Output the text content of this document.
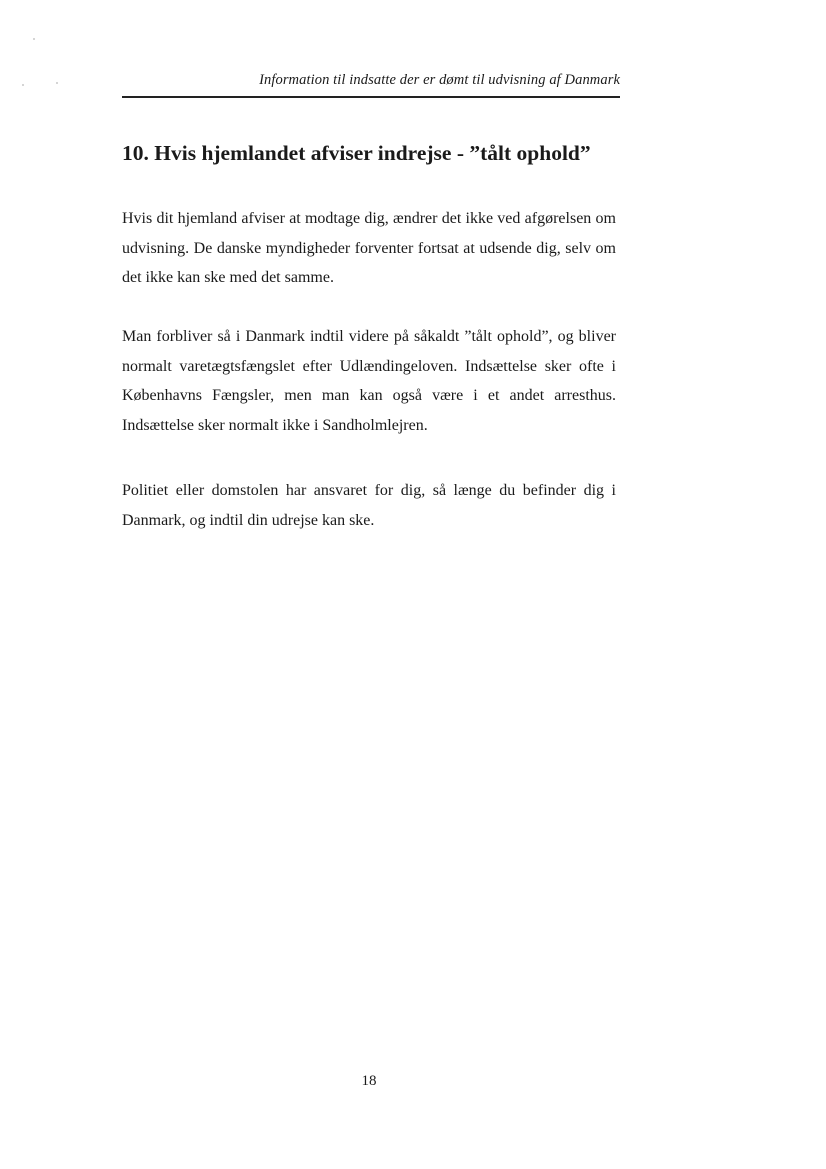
Information til indsatte der er dømt til udvisning af Danmark
10. Hvis hjemlandet afviser indrejse - ”tålt ophold”

Hvis dit hjemland afviser at modtage dig, ændrer det ikke ved afgørelsen om udvisning. De danske myndigheder forventer fortsat at udsende dig, selv om det ikke kan ske med det samme.

Man forbliver så i Danmark indtil videre på såkaldt ”tålt ophold”, og bliver normalt varetægtsfængslet efter Udlændingeloven. Indsættelse sker ofte i Københavns Fængsler, men man kan også være i et andet arresthus. Indsættelse sker normalt ikke i Sandholmlejren.

Politiet eller domstolen har ansvaret for dig, så længe du befinder dig i Danmark, og indtil din udrejse kan ske.

18
